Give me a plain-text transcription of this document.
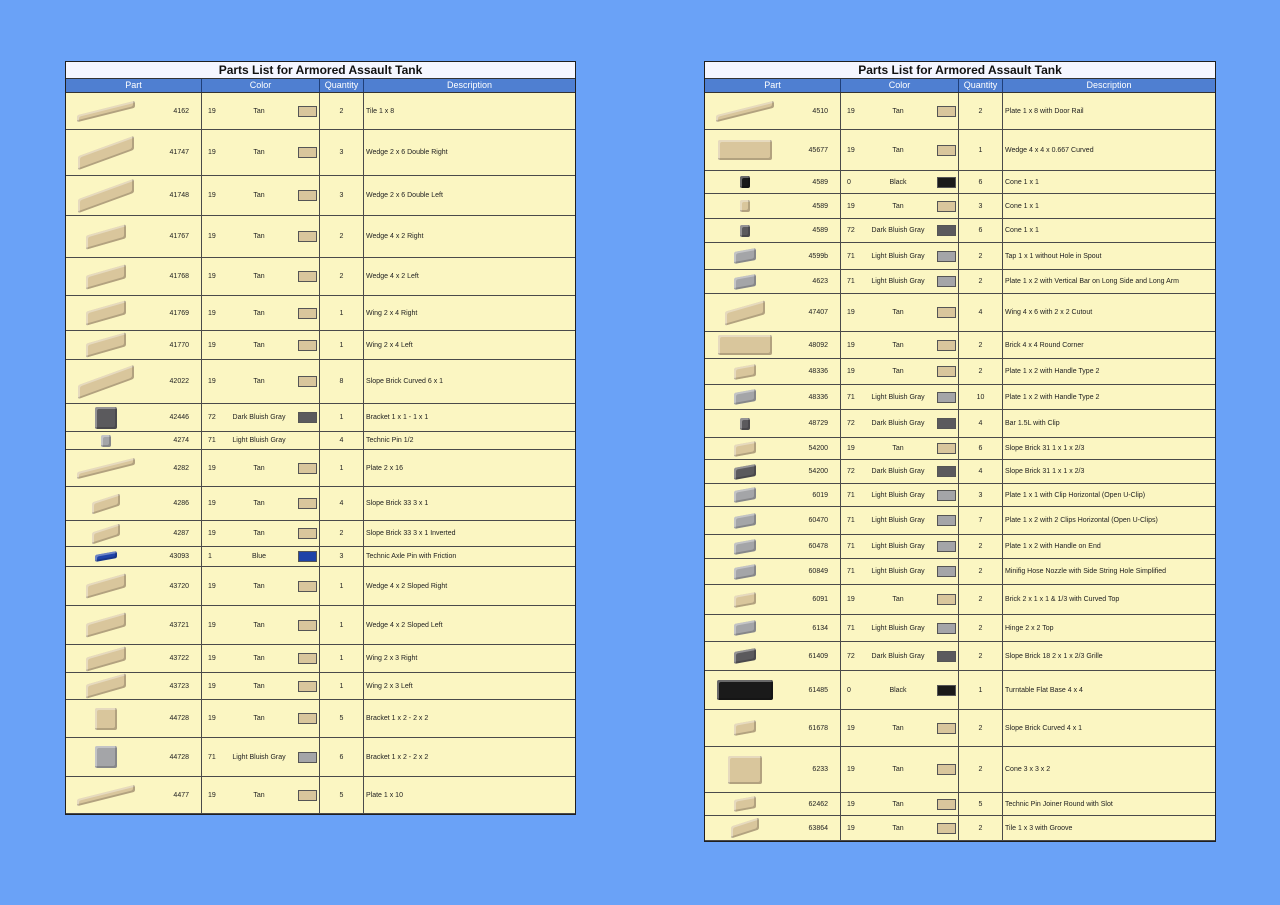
Parts List for Armored Assault Tank
Part	Color	Quantity	Description
4162	19	Tan	2	Tile 1 x 8
41747	19	Tan	3	Wedge 2 x 6 Double Right
41748	19	Tan	3	Wedge 2 x 6 Double Left
41767	19	Tan	2	Wedge 4 x 2 Right
41768	19	Tan	2	Wedge 4 x 2 Left
41769	19	Tan	1	Wing 2 x 4 Right
41770	19	Tan	1	Wing 2 x 4 Left
42022	19	Tan	8	Slope Brick Curved 6 x 1
42446	72	Dark Bluish Gray	1	Bracket 1 x 1 - 1 x 1
4274	71	Light Bluish Gray	4	Technic Pin 1/2
4282	19	Tan	1	Plate 2 x 16
4286	19	Tan	4	Slope Brick 33 3 x 1
4287	19	Tan	2	Slope Brick 33 3 x 1 Inverted
43093	1	Blue	3	Technic Axle Pin with Friction
43720	19	Tan	1	Wedge 4 x 2 Sloped Right
43721	19	Tan	1	Wedge 4 x 2 Sloped Left
43722	19	Tan	1	Wing 2 x 3 Right
43723	19	Tan	1	Wing 2 x 3 Left
44728	19	Tan	5	Bracket 1 x 2 - 2 x 2
44728	71	Light Bluish Gray	6	Bracket 1 x 2 - 2 x 2
4477	19	Tan	5	Plate 1 x 10
Parts List for Armored Assault Tank
Part	Color	Quantity	Description
4510	19	Tan	2	Plate 1 x 8 with Door Rail
45677	19	Tan	1	Wedge 4 x 4 x 0.667 Curved
4589	0	Black	6	Cone 1 x 1
4589	19	Tan	3	Cone 1 x 1
4589	72	Dark Bluish Gray	6	Cone 1 x 1
4599b	71	Light Bluish Gray	2	Tap 1 x 1 without Hole in Spout
4623	71	Light Bluish Gray	2	Plate 1 x 2 with Vertical Bar on Long Side and Long Arm
47407	19	Tan	4	Wing 4 x 6 with 2 x 2 Cutout
48092	19	Tan	2	Brick 4 x 4 Round Corner
48336	19	Tan	2	Plate 1 x 2 with Handle Type 2
48336	71	Light Bluish Gray	10	Plate 1 x 2 with Handle Type 2
48729	72	Dark Bluish Gray	4	Bar 1.5L with Clip
54200	19	Tan	6	Slope Brick 31 1 x 1 x 2/3
54200	72	Dark Bluish Gray	4	Slope Brick 31 1 x 1 x 2/3
6019	71	Light Bluish Gray	3	Plate 1 x 1 with Clip Horizontal (Open U-Clip)
60470	71	Light Bluish Gray	7	Plate 1 x 2 with 2 Clips Horizontal (Open U-Clips)
60478	71	Light Bluish Gray	2	Plate 1 x 2 with Handle on End
60849	71	Light Bluish Gray	2	Minifig Hose Nozzle with Side String Hole Simplified
6091	19	Tan	2	Brick 2 x 1 x 1 & 1/3 with Curved Top
6134	71	Light Bluish Gray	2	Hinge 2 x 2 Top
61409	72	Dark Bluish Gray	2	Slope Brick 18 2 x 1 x 2/3 Grille
61485	0	Black	1	Turntable Flat Base 4 x 4
61678	19	Tan	2	Slope Brick Curved 4 x 1
6233	19	Tan	2	Cone 3 x 3 x 2
62462	19	Tan	5	Technic Pin Joiner Round with Slot
63864	19	Tan	2	Tile 1 x 3 with Groove
